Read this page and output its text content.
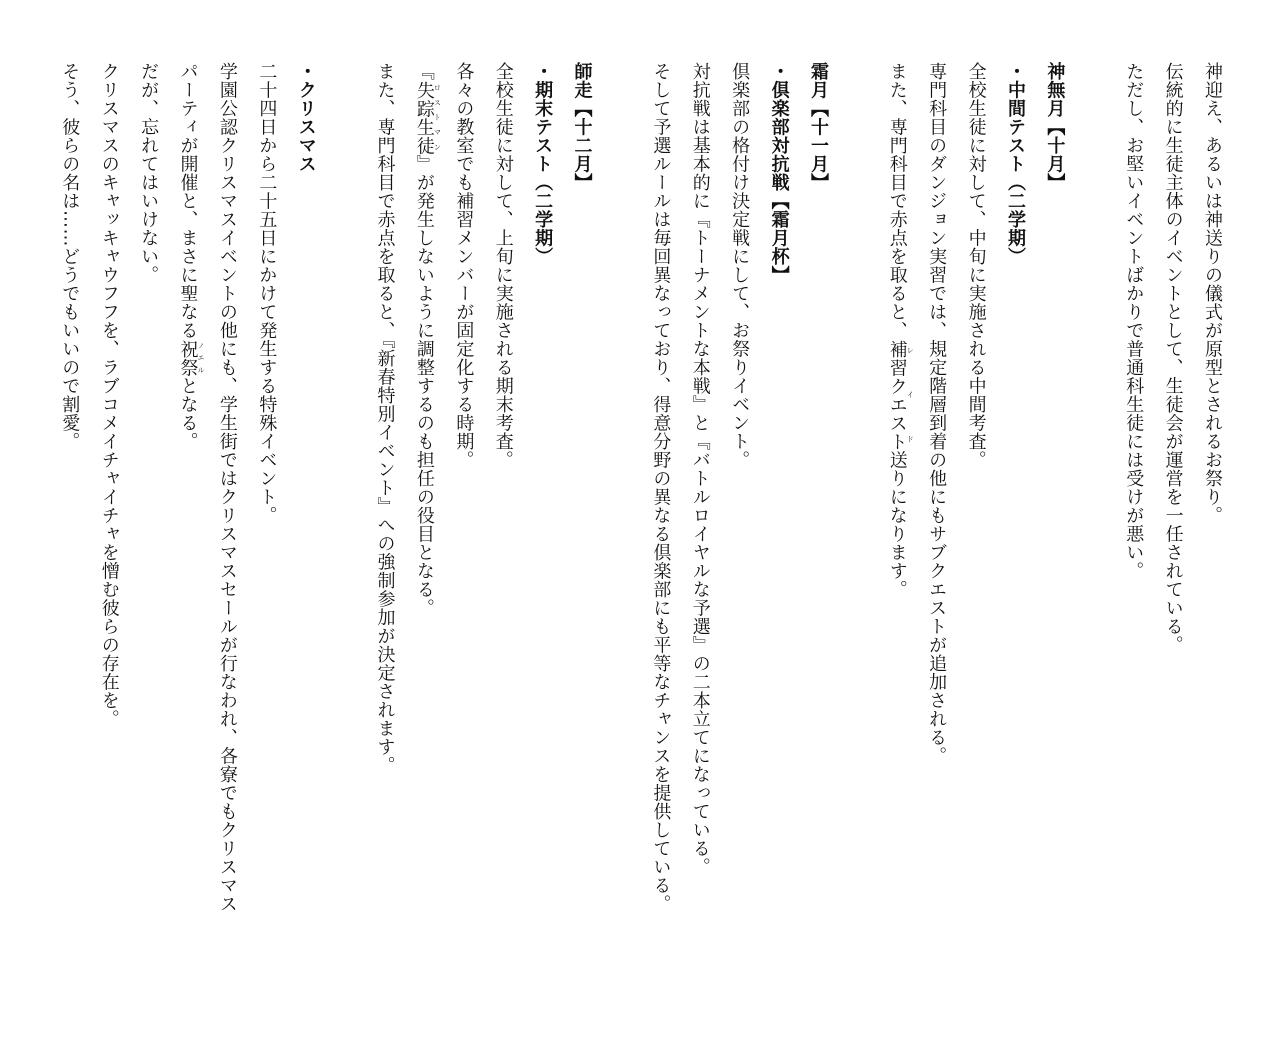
神迎え、あるいは神送りの儀式が原型とされるお祭り。
伝統的に生徒主体のイベントとして、生徒会が運営を一任されている。
ただし、お堅いイベントばかりで普通科生徒には受けが悪い。
神無月【十月】
・中間テスト（二学期）
全校生徒に対して、中旬に実施される中間考査。
専門科目のダンジョン実習では、規定階層到着の他にもサブクエストが追加される。
また、専門科目で赤点を取ると、補習クエストレイド送りになります。
霜月【十一月】
・倶楽部対抗戦【霜月杯】
倶楽部の格付け決定戦にして、お祭りイベント。
対抗戦は基本的に『トーナメントな本戦』と『バトルロイヤルな予選』の二本立てになっている。
そして予選ルールは毎回異なっており、得意分野の異なる倶楽部にも平等なチャンスを提供している。
師走【十二月】
・期末テスト（二学期）
全校生徒に対して、上旬に実施される期末考査。
各々の教室でも補習メンバーが固定化する時期。
『失踪生徒ロストマン』が発生しないように調整するのも担任の役目となる。
また、専門科目で赤点を取ると、『新春特別イベント』への強制参加が決定されます。
・クリスマス
二十四日から二十五日にかけて発生する特殊イベント。
学園公認クリスマスイベントの他にも、学生街ではクリスマスセールが行なわれ、各寮でもクリスマス
パーティが開催と、まさに聖なる祝祭ノエルとなる。
だが、忘れてはいけない。
クリスマスのキャッキャウフフを、ラブコメイチャイチャを憎む彼らの存在を。
そう、彼らの名は……どうでもいいので割愛。
